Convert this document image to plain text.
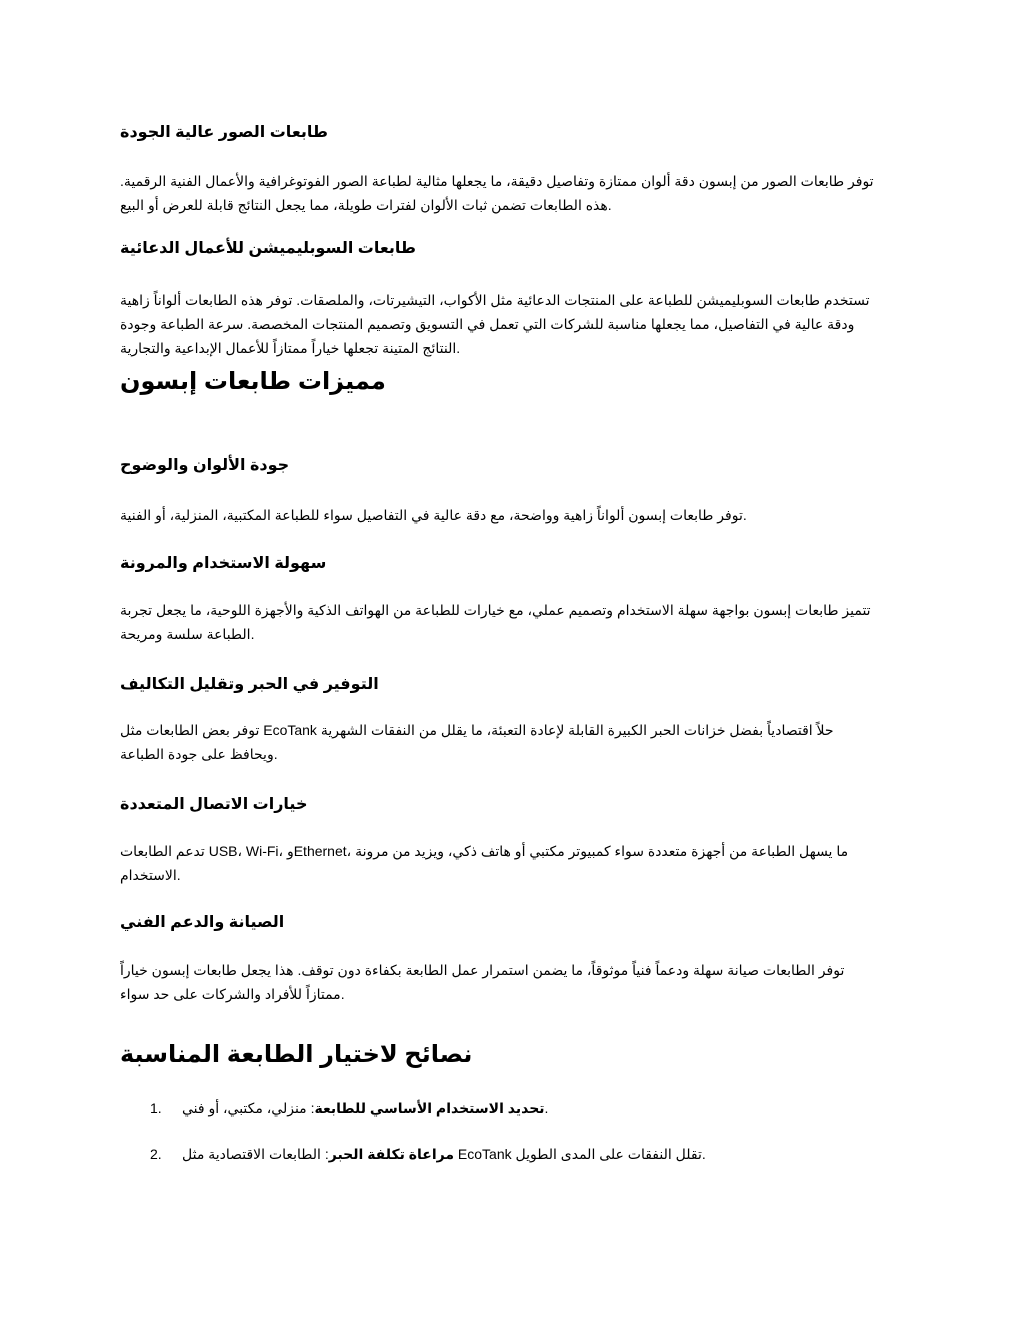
طابعات الصور عالية الجودة
توفر طابعات الصور من إبسون دقة ألوان ممتازة وتفاصيل دقيقة، ما يجعلها مثالية لطباعة الصور الفوتوغرافية والأعمال الفنية الرقمية. هذه الطابعات تضمن ثبات الألوان لفترات طويلة، مما يجعل النتائج قابلة للعرض أو البيع.
طابعات السوبليميشن للأعمال الدعائية
تستخدم طابعات السوبليميشن للطباعة على المنتجات الدعائية مثل الأكواب، التيشيرتات، والملصقات. توفر هذه الطابعات ألواناً زاهية ودقة عالية في التفاصيل، مما يجعلها مناسبة للشركات التي تعمل في التسويق وتصميم المنتجات المخصصة. سرعة الطباعة وجودة النتائج المتينة تجعلها خياراً ممتازاً للأعمال الإبداعية والتجارية.
مميزات طابعات إبسون
جودة الألوان والوضوح
توفر طابعات إبسون ألواناً زاهية وواضحة، مع دقة عالية في التفاصيل سواء للطباعة المكتبية، المنزلية، أو الفنية.
سهولة الاستخدام والمرونة
تتميز طابعات إبسون بواجهة سهلة الاستخدام وتصميم عملي، مع خيارات للطباعة من الهواتف الذكية والأجهزة اللوحية، ما يجعل تجربة الطباعة سلسة ومريحة.
التوفير في الحبر وتقليل التكاليف
توفر بعض الطابعات مثل EcoTank حلاً اقتصادياً بفضل خزانات الحبر الكبيرة القابلة لإعادة التعبئة، ما يقلل من النفقات الشهرية ويحافظ على جودة الطباعة.
خيارات الاتصال المتعددة
تدعم الطابعات USB، Wi-Fi، وEthernet، ما يسهل الطباعة من أجهزة متعددة سواء كمبيوتر مكتبي أو هاتف ذكي، ويزيد من مرونة الاستخدام.
الصيانة والدعم الفني
توفر الطابعات صيانة سهلة ودعماً فنياً موثوقاً، ما يضمن استمرار عمل الطابعة بكفاءة دون توقف. هذا يجعل طابعات إبسون خياراً ممتازاً للأفراد والشركات على حد سواء.
نصائح لاختيار الطابعة المناسبة
1.	تحديد الاستخدام الأساسي للطابعة: منزلي، مكتبي، أو فني.
2.	مراعاة تكلفة الحبر: الطابعات الاقتصادية مثل EcoTank تقلل النفقات على المدى الطويل.
